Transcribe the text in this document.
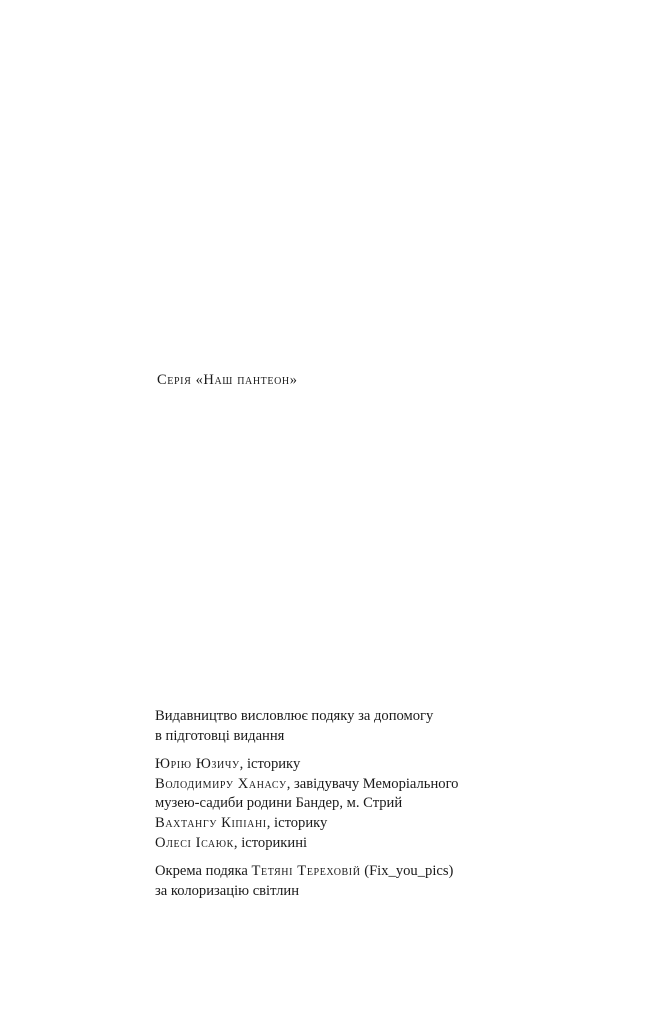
Серія «Наш пантеон»

Видавництво висловлює подяку за допомогу
в підготовці видання

Юрію Юзичу, історику
Володимиру Ханасу, завідувачу Меморіального
музею-садиби родини Бандер, м. Стрий
Вахтангу Кіпіані, історику
Олесі Ісаюк, історикині

Окрема подяка Тетяні Тереховій (Fix_you_pics)
за колоризацію світлин
